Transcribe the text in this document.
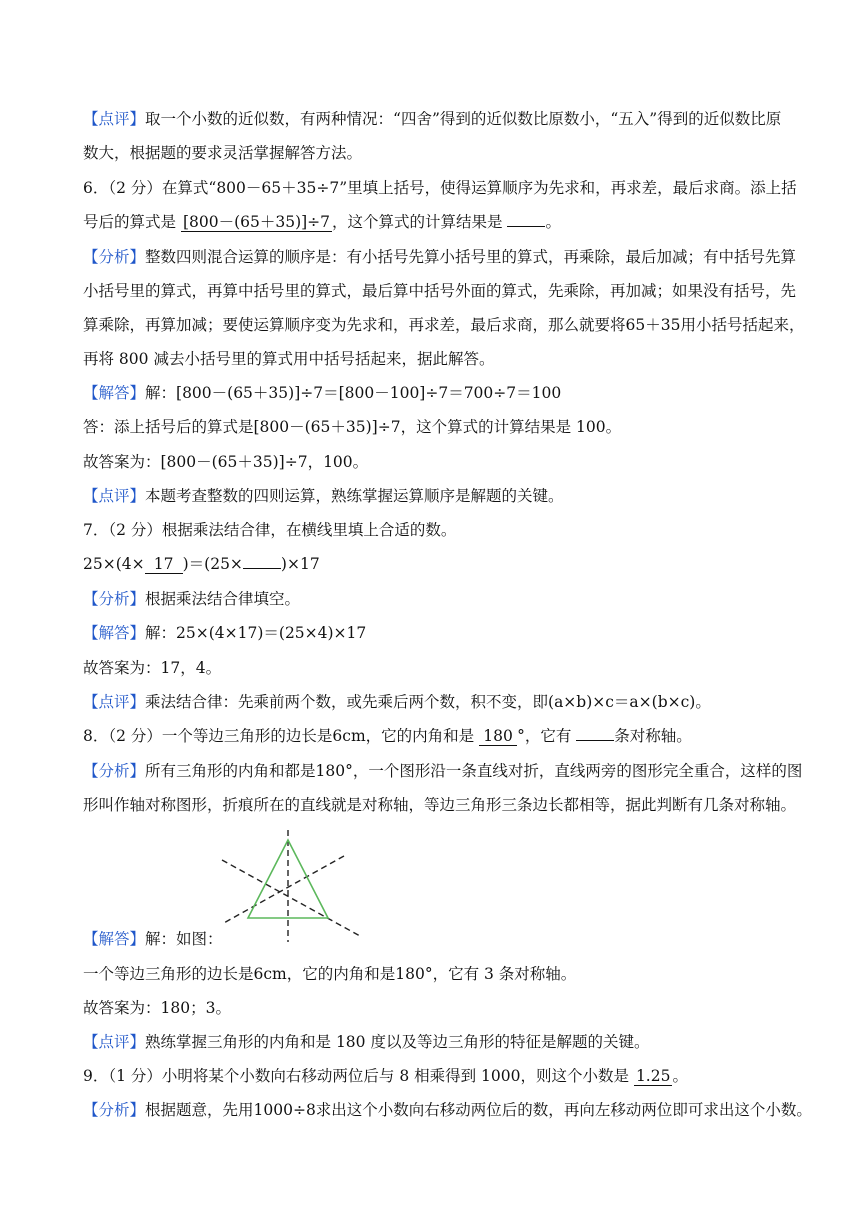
【点评】取一个小数的近似数，有两种情况：“四舍”得到的近似数比原数小，“五入”得到的近似数比原
数大，根据题的要求灵活掌握解答方法。
6．（2 分）在算式“800－65＋35÷7”里填上括号，使得运算顺序为先求和，再求差，最后求商。添上括
号后的算式是 [800－(65＋35)]÷7 ，这个算式的计算结果是	。
【分析】整数四则混合运算的顺序是：有小括号先算小括号里的算式，再乘除，最后加减；有中括号先算
小括号里的算式，再算中括号里的算式，最后算中括号外面的算式，先乘除，再加减；如果没有括号，先
算乘除，再算加减；要使运算顺序变为先求和，再求差，最后求商，那么就要将65＋35用小括号括起来，
再将 800 减去小括号里的算式用中括号括起来，据此解答。
【解答】解：[800－(65＋35)]÷7＝[800－100]÷7＝700÷7＝100
答：添上括号后的算式是[800－(65＋35)]÷7，这个算式的计算结果是 100。
故答案为：[800－(65＋35)]÷7，100。
【点评】本题考查整数的四则运算，熟练掌握运算顺序是解题的关键。
7．（2 分）根据乘法结合律，在横线里填上合适的数。
25×(4× 17 )＝(25× )×17
【分析】根据乘法结合律填空。
【解答】解：25×(4×17)＝(25×4)×17
故答案为：17，4。
【点评】乘法结合律：先乘前两个数，或先乘后两个数，积不变，即(a×b)×c＝a×(b×c)。
8．（2 分）一个等边三角形的边长是6cm，它的内角和是 180 °，它有	条对称轴。
【分析】所有三角形的内角和都是180°，一个图形沿一条直线对折，直线两旁的图形完全重合，这样的图
形叫作轴对称图形，折痕所在的直线就是对称轴，等边三角形三条边长都相等，据此判断有几条对称轴。
【解答】解：如图：
一个等边三角形的边长是6cm，它的内角和是180°，它有 3 条对称轴。
故答案为：180；3。
【点评】熟练掌握三角形的内角和是 180 度以及等边三角形的特征是解题的关键。
9．（1 分）小明将某个小数向右移动两位后与 8 相乘得到 1000，则这个小数是 1.25 。
【分析】根据题意，先用1000÷8求出这个小数向右移动两位后的数，再向左移动两位即可求出这个小数。
